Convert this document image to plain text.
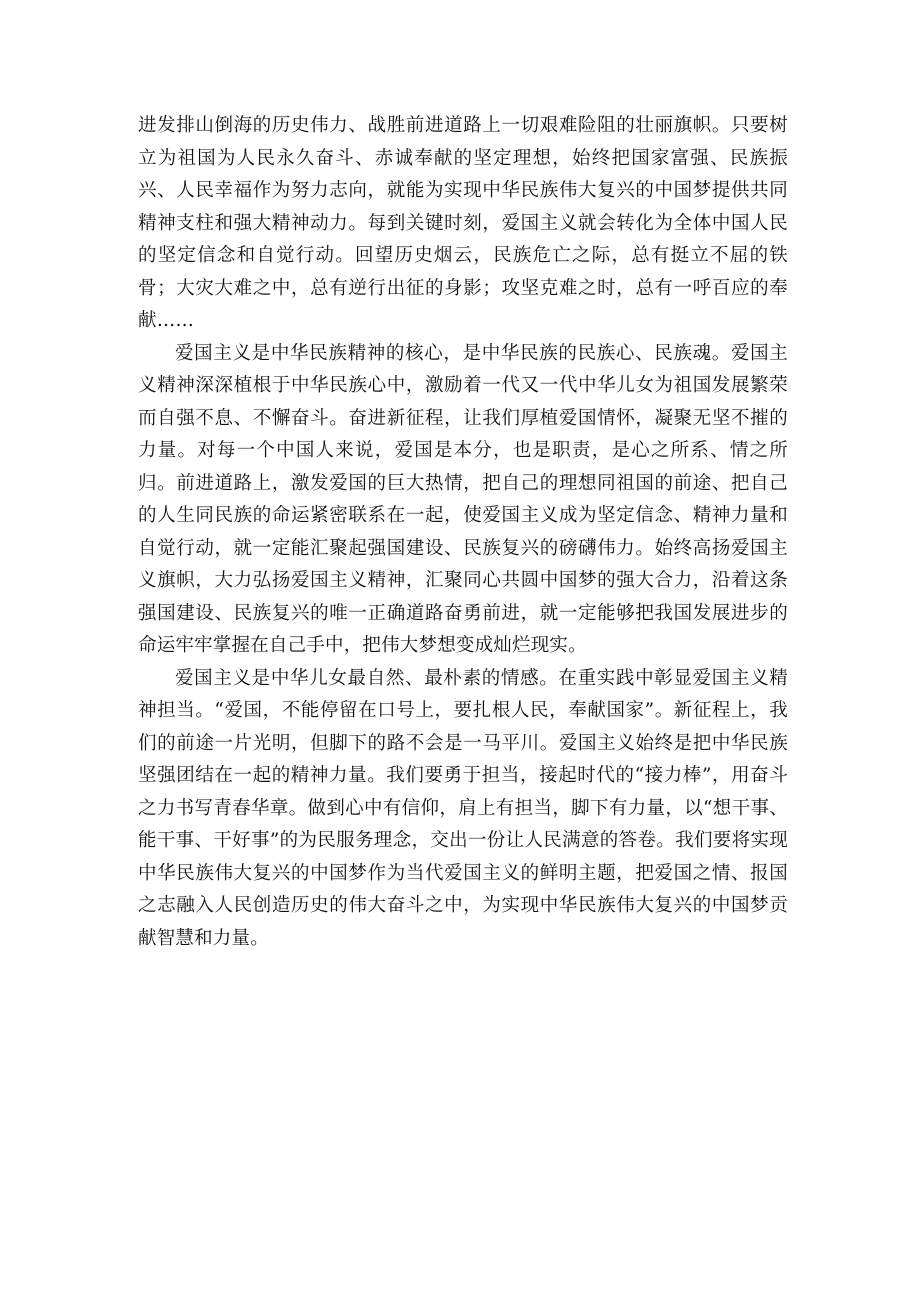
进发排山倒海的历史伟力、战胜前进道路上一切艰难险阻的壮丽旗帜。只要树立为祖国为人民永久奋斗、赤诚奉献的坚定理想，始终把国家富强、民族振兴、人民幸福作为努力志向，就能为实现中华民族伟大复兴的中国梦提供共同精神支柱和强大精神动力。每到关键时刻，爱国主义就会转化为全体中国人民的坚定信念和自觉行动。回望历史烟云，民族危亡之际，总有挺立不屈的铁骨；大灾大难之中，总有逆行出征的身影；攻坚克难之时，总有一呼百应的奉献……

爱国主义是中华民族精神的核心，是中华民族的民族心、民族魂。爱国主义精神深深植根于中华民族心中，激励着一代又一代中华儿女为祖国发展繁荣而自强不息、不懈奋斗。奋进新征程，让我们厚植爱国情怀，凝聚无坚不摧的力量。对每一个中国人来说，爱国是本分，也是职责，是心之所系、情之所归。前进道路上，激发爱国的巨大热情，把自己的理想同祖国的前途、把自己的人生同民族的命运紧密联系在一起，使爱国主义成为坚定信念、精神力量和自觉行动，就一定能汇聚起强国建设、民族复兴的磅礴伟力。始终高扬爱国主义旗帜，大力弘扬爱国主义精神，汇聚同心共圆中国梦的强大合力，沿着这条强国建设、民族复兴的唯一正确道路奋勇前进，就一定能够把我国发展进步的命运牢牢掌握在自己手中，把伟大梦想变成灿烂现实。

爱国主义是中华儿女最自然、最朴素的情感。在重实践中彰显爱国主义精神担当。“爱国，不能停留在口号上，要扎根人民，奉献国家”。新征程上，我们的前途一片光明，但脚下的路不会是一马平川。爱国主义始终是把中华民族坚强团结在一起的精神力量。我们要勇于担当，接起时代的“接力棒”，用奋斗之力书写青春华章。做到心中有信仰，肩上有担当，脚下有力量，以“想干事、能干事、干好事”的为民服务理念，交出一份让人民满意的答卷。我们要将实现中华民族伟大复兴的中国梦作为当代爱国主义的鲜明主题，把爱国之情、报国之志融入人民创造历史的伟大奋斗之中，为实现中华民族伟大复兴的中国梦贡献智慧和力量。
